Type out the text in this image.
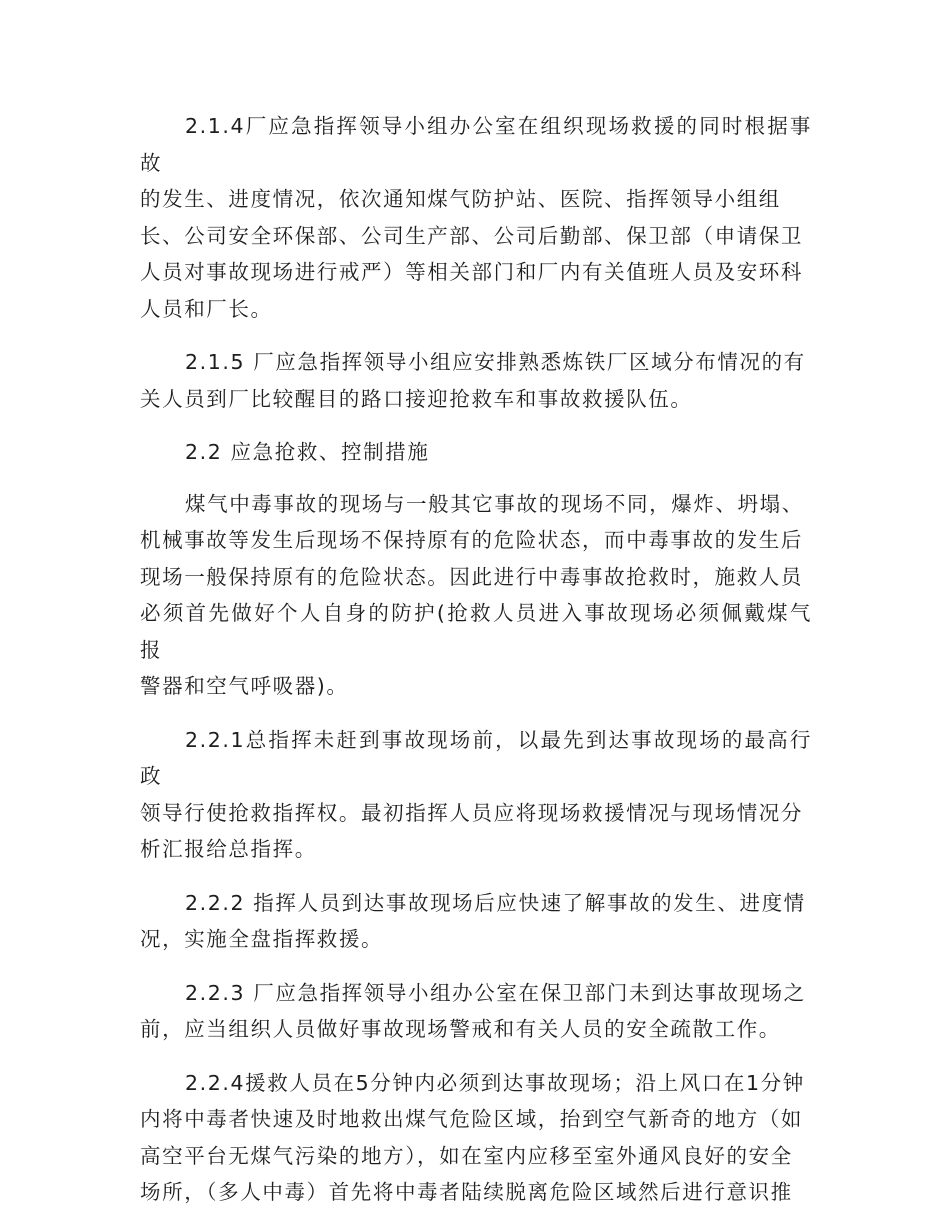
2.1.4厂应急指挥领导小组办公室在组织现场救援的同时根据事故
的发生、进度情况，依次通知煤气防护站、医院、指挥领导小组组
长、公司安全环保部、公司生产部、公司后勤部、保卫部（申请保卫
人员对事故现场进行戒严）等相关部门和厂内有关值班人员及安环科
人员和厂长。

2.1.5 厂应急指挥领导小组应安排熟悉炼铁厂区域分布情况的有
关人员到厂比较醒目的路口接迎抢救车和事故救援队伍。

2.2 应急抢救、控制措施

煤气中毒事故的现场与一般其它事故的现场不同，爆炸、坍塌、
机械事故等发生后现场不保持原有的危险状态，而中毒事故的发生后
现场一般保持原有的危险状态。因此进行中毒事故抢救时，施救人员
必须首先做好个人自身的防护(抢救人员进入事故现场必须佩戴煤气报
警器和空气呼吸器)。

2.2.1总指挥未赶到事故现场前，以最先到达事故现场的最高行政
领导行使抢救指挥权。最初指挥人员应将现场救援情况与现场情况分
析汇报给总指挥。

2.2.2 指挥人员到达事故现场后应快速了解事故的发生、进度情
况，实施全盘指挥救援。

2.2.3 厂应急指挥领导小组办公室在保卫部门未到达事故现场之
前，应当组织人员做好事故现场警戒和有关人员的安全疏散工作。

2.2.4援救人员在5分钟内必须到达事故现场；沿上风口在1分钟
内将中毒者快速及时地救出煤气危险区域，抬到空气新奇的地方（如
高空平台无煤气污染的地方），如在室内应移至室外通风良好的安全
场所，（多人中毒）首先将中毒者陆续脱离危险区域然后进行意识推
